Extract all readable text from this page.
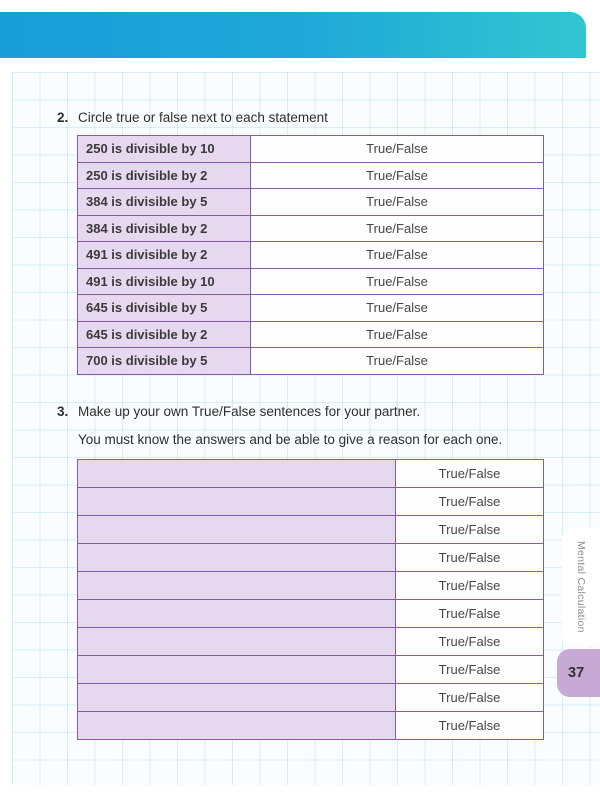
2. Circle true or false next to each statement
250 is divisible by 10	True/False
250 is divisible by 2	True/False
384 is divisible by 5	True/False
384 is divisible by 2	True/False
491 is divisible by 2	True/False
491 is divisible by 10	True/False
645 is divisible by 5	True/False
645 is divisible by 2	True/False
700 is divisible by 5	True/False
3. Make up your own True/False sentences for your partner.
You must know the answers and be able to give a reason for each one.
	True/False
	True/False
	True/False
	True/False
	True/False
	True/False
	True/False
	True/False
	True/False
	True/False
Mental Calculation
37
